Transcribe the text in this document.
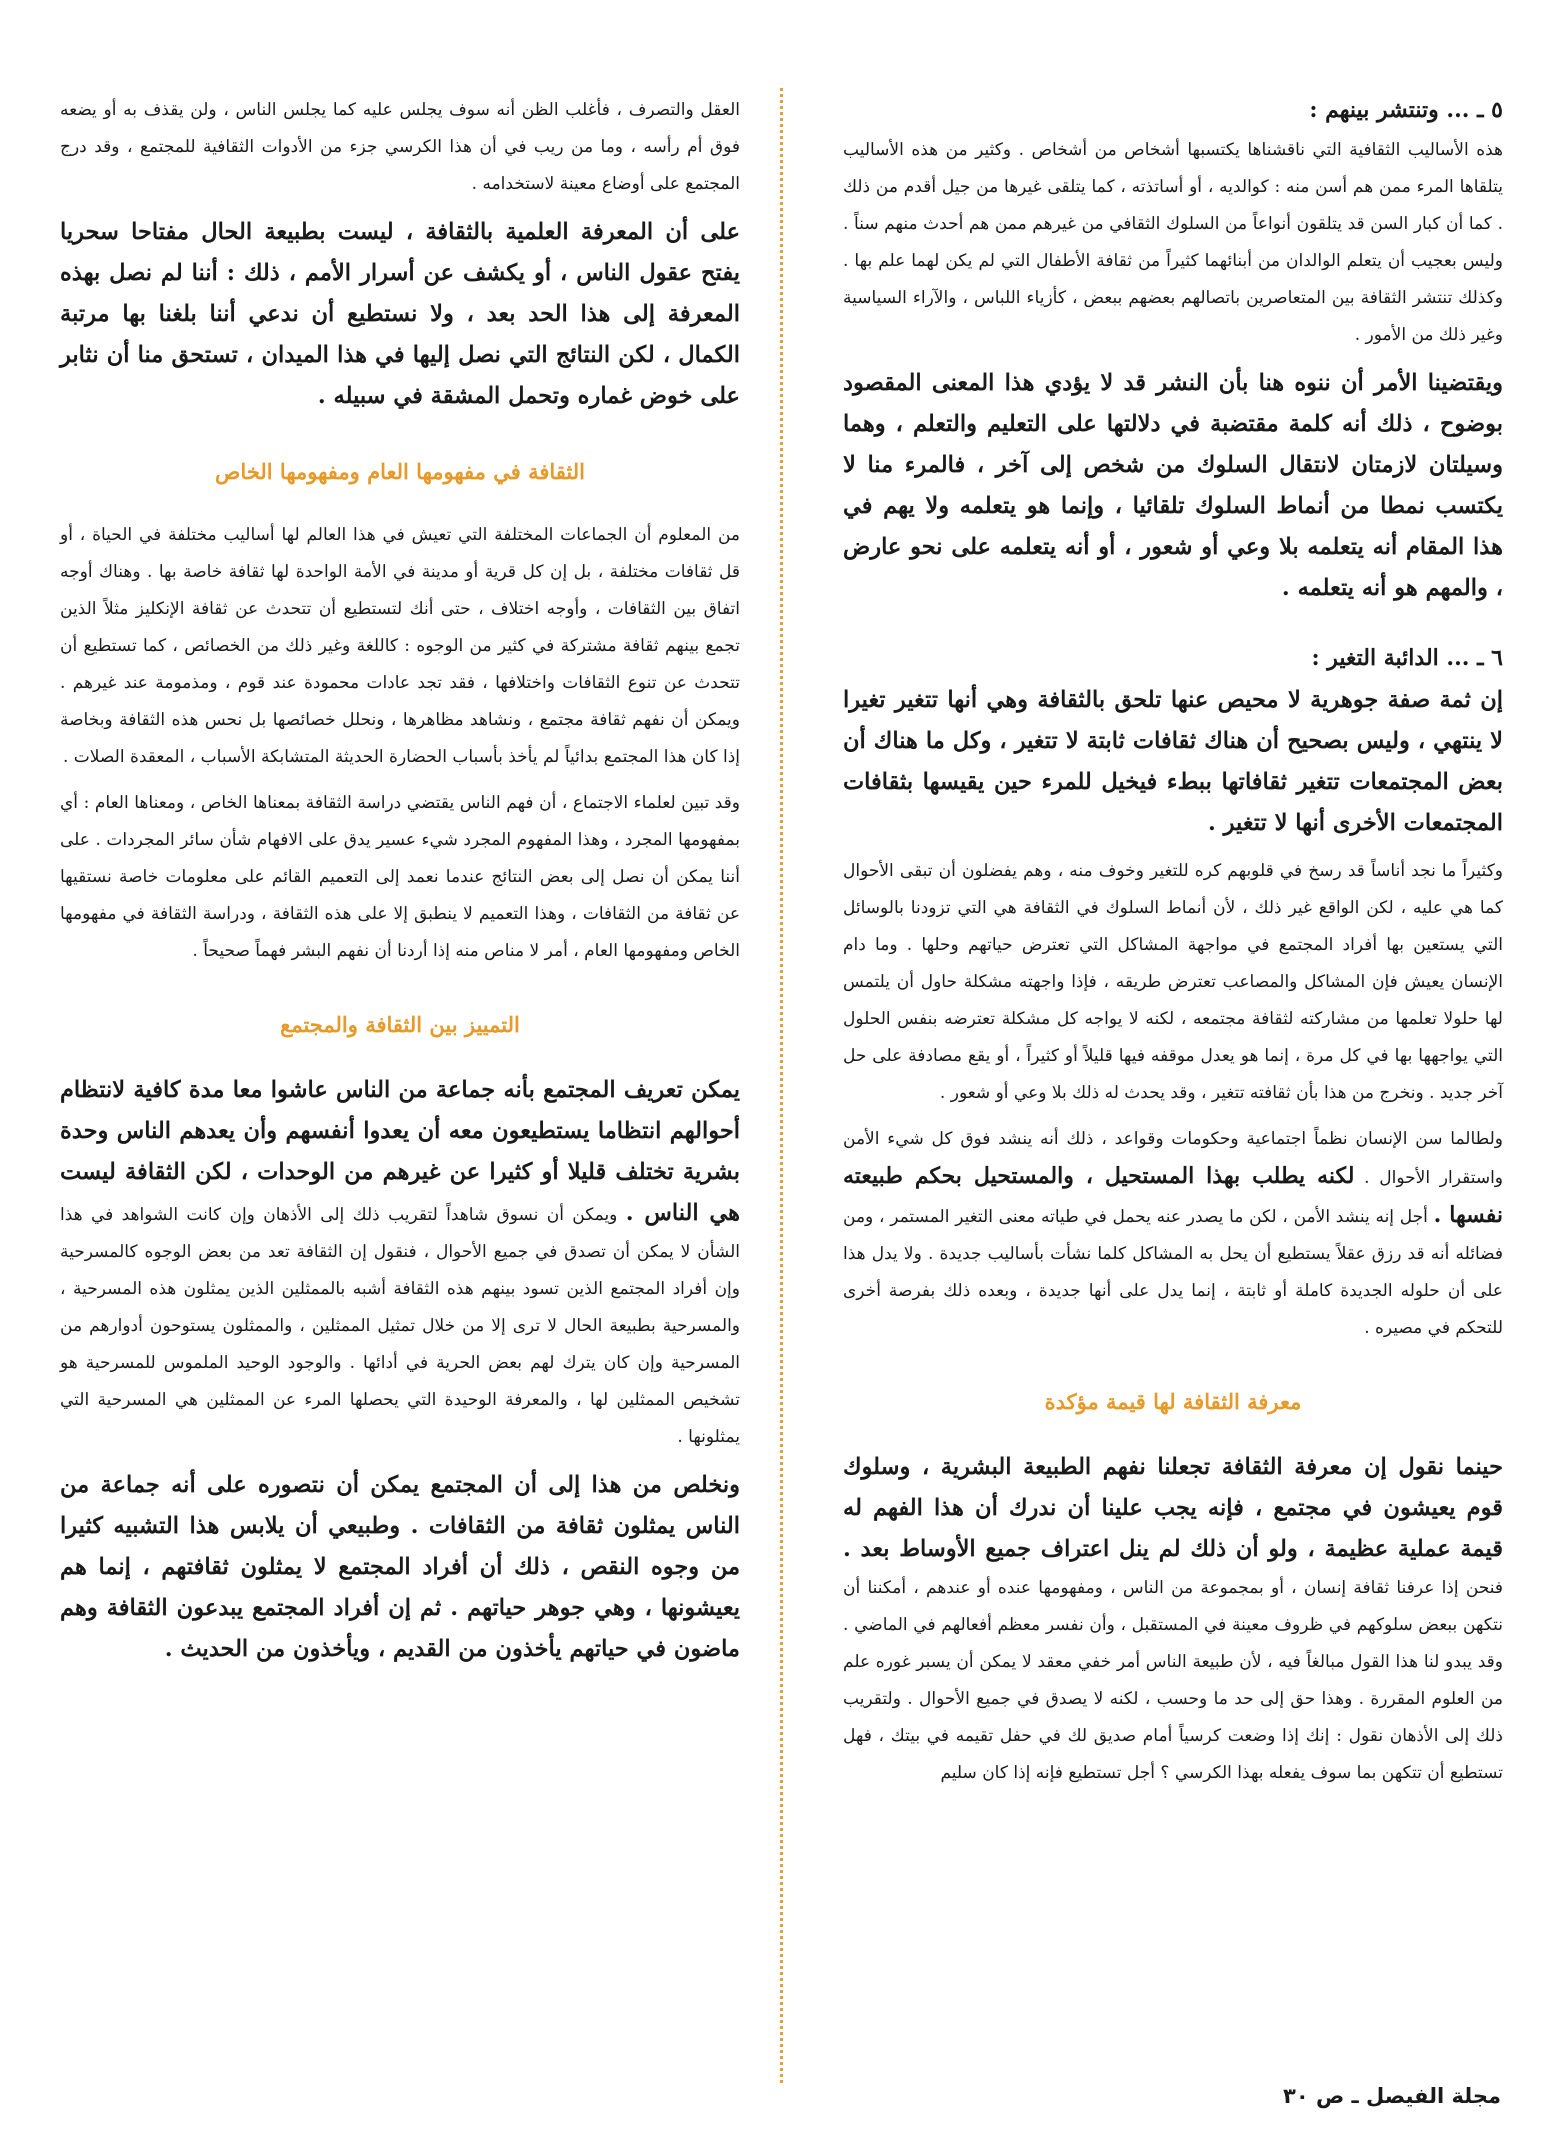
٥ ـ ... وتنتشر بينهم :

هذه الأساليب الثقافية التي ناقشناها يكتسبها أشخاص من أشخاص . وكثير من هذه الأساليب يتلقاها المرء ممن هم أسن منه : كوالديه ، أو أساتذته ، كما يتلقى غيرها من جيل أقدم من ذلك . كما أن كبار السن قد يتلقون أنواعاً من السلوك الثقافي من غيرهم ممن هم أحدث منهم سناً . وليس بعجيب أن يتعلم الوالدان من أبنائهما كثيراً من ثقافة الأطفال التي لم يكن لهما علم بها . وكذلك تنتشر الثقافة بين المتعاصرين باتصالهم بعضهم ببعض ، كأزياء اللباس ، والآراء السياسية وغير ذلك من الأمور .

ويقتضينا الأمر أن ننوه هنا بأن النشر قد لا يؤدي هذا المعنى المقصود بوضوح ، ذلك أنه كلمة مقتضبة في دلالتها على التعليم والتعلم ، وهما وسيلتان لازمتان لانتقال السلوك من شخص إلى آخر ، فالمرء منا لا يكتسب نمطا من أنماط السلوك تلقائيا ، وإنما هو يتعلمه ولا يهم في هذا المقام أنه يتعلمه بلا وعي أو شعور ، أو أنه يتعلمه على نحو عارض ، والمهم هو أنه يتعلمه .

٦ ـ ... الدائبة التغير :

إن ثمة صفة جوهرية لا محيص عنها تلحق بالثقافة وهي أنها تتغير تغيرا لا ينتهي ، وليس بصحيح أن هناك ثقافات ثابتة لا تتغير ، وكل ما هناك أن بعض المجتمعات تتغير ثقافاتها ببطء فيخيل للمرء حين يقيسها بثقافات المجتمعات الأخرى أنها لا تتغير .

وكثيراً ما نجد أناساً قد رسخ في قلوبهم كره للتغير وخوف منه ، وهم يفضلون أن تبقى الأحوال كما هي عليه ، لكن الواقع غير ذلك ، لأن أنماط السلوك في الثقافة هي التي تزودنا بالوسائل التي يستعين بها أفراد المجتمع في مواجهة المشاكل التي تعترض حياتهم وحلها . وما دام الإنسان يعيش فإن المشاكل والمصاعب تعترض طريقه ، فإذا واجهته مشكلة حاول أن يلتمس لها حلولا تعلمها من مشاركته لثقافة مجتمعه ، لكنه لا يواجه كل مشكلة تعترضه بنفس الحلول التي يواجهها بها في كل مرة ، إنما هو يعدل موقفه فيها قليلاً أو كثيراً ، أو يقع مصادفة على حل آخر جديد . ونخرج من هذا بأن ثقافته تتغير ، وقد يحدث له ذلك بلا وعي أو شعور .

ولطالما سن الإنسان نظماً اجتماعية وحكومات وقواعد ، ذلك أنه ينشد فوق كل شيء الأمن واستقرار الأحوال . لكنه يطلب بهذا المستحيل ، والمستحيل بحكم طبيعته نفسها . أجل إنه ينشد الأمن ، لكن ما يصدر عنه يحمل في طياته معنى التغير المستمر ، ومن فضائله أنه قد رزق عقلاً يستطيع أن يحل به المشاكل كلما نشأت بأساليب جديدة . ولا يدل هذا على أن حلوله الجديدة كاملة أو ثابتة ، إنما يدل على أنها جديدة ، وبعده ذلك بفرصة أخرى للتحكم في مصيره .

معرفة الثقافة لها قيمة مؤكدة

حينما نقول إن معرفة الثقافة تجعلنا نفهم الطبيعة البشرية ، وسلوك قوم يعيشون في مجتمع ، فإنه يجب علينا أن ندرك أن هذا الفهم له قيمة عملية عظيمة ، ولو أن ذلك لم ينل اعتراف جميع الأوساط بعد . فنحن إذا عرفنا ثقافة إنسان ، أو بمجموعة من الناس ، ومفهومها عنده أو عندهم ، أمكننا أن نتكهن ببعض سلوكهم في ظروف معينة في المستقبل ، وأن نفسر معظم أفعالهم في الماضي . وقد يبدو لنا هذا القول مبالغاً فيه ، لأن طبيعة الناس أمر خفي معقد لا يمكن أن يسبر غوره علم من العلوم المقررة . وهذا حق إلى حد ما وحسب ، لكنه لا يصدق في جميع الأحوال . ولتقريب ذلك إلى الأذهان نقول : إنك إذا وضعت كرسياً أمام صديق لك في حفل تقيمه في بيتك ، فهل تستطيع أن تتكهن بما سوف يفعله بهذا الكرسي ؟ أجل تستطيع فإنه إذا كان سليم

العقل والتصرف ، فأغلب الظن أنه سوف يجلس عليه كما يجلس الناس ، ولن يقذف به أو يضعه فوق أم رأسه ، وما من ريب في أن هذا الكرسي جزء من الأدوات الثقافية للمجتمع ، وقد درج المجتمع على أوضاع معينة لاستخدامه .

على أن المعرفة العلمية بالثقافة ، ليست بطبيعة الحال مفتاحا سحريا يفتح عقول الناس ، أو يكشف عن أسرار الأمم ، ذلك : أننا لم نصل بهذه المعرفة إلى هذا الحد بعد ، ولا نستطيع أن ندعي أننا بلغنا بها مرتبة الكمال ، لكن النتائج التي نصل إليها في هذا الميدان ، تستحق منا أن نثابر على خوض غماره وتحمل المشقة في سبيله .

الثقافة في مفهومها العام ومفهومها الخاص

من المعلوم أن الجماعات المختلفة التي تعيش في هذا العالم لها أساليب مختلفة في الحياة ، أو قل ثقافات مختلفة ، بل إن كل قرية أو مدينة في الأمة الواحدة لها ثقافة خاصة بها . وهناك أوجه اتفاق بين الثقافات ، وأوجه اختلاف ، حتى أنك لتستطيع أن تتحدث عن ثقافة الإنكليز مثلاً الذين تجمع بينهم ثقافة مشتركة في كثير من الوجوه : كاللغة وغير ذلك من الخصائص ، كما تستطيع أن تتحدث عن تنوع الثقافات واختلافها ، فقد تجد عادات محمودة عند قوم ، ومذمومة عند غيرهم . ويمكن أن نفهم ثقافة مجتمع ، ونشاهد مظاهرها ، ونحلل خصائصها بل نحس هذه الثقافة وبخاصة إذا كان هذا المجتمع بدائياً لم يأخذ بأسباب الحضارة الحديثة المتشابكة الأسباب ، المعقدة الصلات .

وقد تبين لعلماء الاجتماع ، أن فهم الناس يقتضي دراسة الثقافة بمعناها الخاص ، ومعناها العام : أي بمفهومها المجرد ، وهذا المفهوم المجرد شيء عسير يدق على الافهام شأن سائر المجردات . على أننا يمكن أن نصل إلى بعض النتائج عندما نعمد إلى التعميم القائم على معلومات خاصة نستقيها عن ثقافة من الثقافات ، وهذا التعميم لا ينطبق إلا على هذه الثقافة ، ودراسة الثقافة في مفهومها الخاص ومفهومها العام ، أمر لا مناص منه إذا أردنا أن نفهم البشر فهماً صحيحاً .

التمييز بين الثقافة والمجتمع

يمكن تعريف المجتمع بأنه جماعة من الناس عاشوا معا مدة كافية لانتظام أحوالهم انتظاما يستطيعون معه أن يعدوا أنفسهم وأن يعدهم الناس وحدة بشرية تختلف قليلا أو كثيرا عن غيرهم من الوحدات ، لكن الثقافة ليست هي الناس . ويمكن أن نسوق شاهداً لتقريب ذلك إلى الأذهان وإن كانت الشواهد في هذا الشأن لا يمكن أن تصدق في جميع الأحوال ، فنقول إن الثقافة تعد من بعض الوجوه كالمسرحية وإن أفراد المجتمع الذين تسود بينهم هذه الثقافة أشبه بالممثلين الذين يمثلون هذه المسرحية ، والمسرحية بطبيعة الحال لا ترى إلا من خلال تمثيل الممثلين ، والممثلون يستوحون أدوارهم من المسرحية وإن كان يترك لهم بعض الحرية في أدائها . والوجود الوحيد الملموس للمسرحية هو تشخيص الممثلين لها ، والمعرفة الوحيدة التي يحصلها المرء عن الممثلين هي المسرحية التي يمثلونها .

ونخلص من هذا إلى أن المجتمع يمكن أن نتصوره على أنه جماعة من الناس يمثلون ثقافة من الثقافات . وطبيعي أن يلابس هذا التشبيه كثيرا من وجوه النقص ، ذلك أن أفراد المجتمع لا يمثلون ثقافتهم ، إنما هم يعيشونها ، وهي جوهر حياتهم . ثم إن أفراد المجتمع يبدعون الثقافة وهم ماضون في حياتهم يأخذون من القديم ، ويأخذون من الحديث .

مجلة الفيصل ـ ص ٣٠
